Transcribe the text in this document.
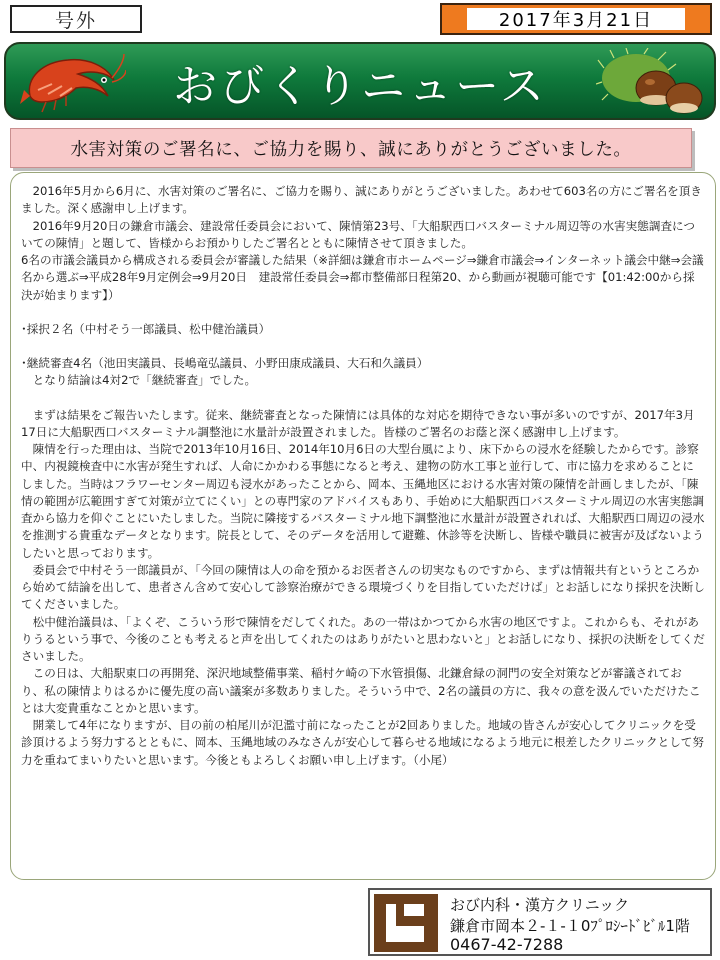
号外	2017年3月21日
おびくりニュース
水害対策のご署名に、ご協力を賜り、誠にありがとうございました。

　2016年5月から6月に、水害対策のご署名に、ご協力を賜り、誠にありがとうございました。あわせて603名の方にご署名を頂きました。深く感謝申し上げます。

　2016年9月20日の鎌倉市議会、建設常任委員会において、陳情第23号、「大船駅西口バスターミナル周辺等の水害実態調査についての陳情」と題して、皆様からお預かりしたご署名とともに陳情させて頂きました。

6名の市議会議員から構成される委員会が審議した結果（※詳細は鎌倉市ホームページ⇒鎌倉市議会⇒インターネット議会中継⇒会議名から選ぶ⇒平成28年9月定例会⇒9月20日　建設常任委員会⇒都市整備部日程第20、から動画が視聴可能です【01:42:00から採決が始まります】）

･採択２名（中村そう一郎議員、松中健治議員）

･継続審査4名（池田実議員、長嶋竜弘議員、小野田康成議員、大石和久議員）

　となり結論は4対2で「継続審査」でした。

　まずは結果をご報告いたします。従来、継続審査となった陳情には具体的な対応を期待できない事が多いのですが、2017年3月17日に大船駅西口バスターミナル調整池に水量計が設置されました。皆様のご署名のお蔭と深く感謝申し上げます。

　陳情を行った理由は、当院で2013年10月16日、2014年10月6日の大型台風により、床下からの浸水を経験したからです。診察中、内視鏡検査中に水害が発生すれば、人命にかかわる事態になると考え、建物の防水工事と並行して、市に協力を求めることにしました。当時はフラワーセンター周辺も浸水があったことから、岡本、玉縄地区における水害対策の陳情を計画しましたが、「陳情の範囲が広範囲すぎて対策が立てにくい」との専門家のアドバイスもあり、手始めに大船駅西口バスターミナル周辺の水害実態調査から協力を仰ぐことにいたしました。当院に隣接するバスターミナル地下調整池に水量計が設置されれば、大船駅西口周辺の浸水を推測する貴重なデータとなります。院長として、そのデータを活用して避難、休診等を決断し、皆様や職員に被害が及ばないようしたいと思っております。

　委員会で中村そう一郎議員が、「今回の陳情は人の命を預かるお医者さんの切実なものですから、まずは情報共有というところから始めて結論を出して、患者さん含めて安心して診察治療ができる環境づくりを目指していただけば」とお話しになり採択を決断してくださいました。

　松中健治議員は、「よくぞ、こういう形で陳情をだしてくれた。あの一帯はかつてから水害の地区ですよ。これからも、それがありうるという事で、今後のことも考えると声を出してくれたのはありがたいと思わないと」とお話しになり、採択の決断をしてくださいました。

　この日は、大船駅東口の再開発、深沢地域整備事業、稲村ケ崎の下水管損傷、北鎌倉緑の洞門の安全対策などが審議されており、私の陳情よりはるかに優先度の高い議案が多数ありました。そういう中で、2名の議員の方に、我々の意を汲んでいただけたことは大変貴重なことかと思います。

　開業して4年になりますが、目の前の柏尾川が氾濫寸前になったことが2回ありました。地域の皆さんが安心してクリニックを受診頂けるよう努力するとともに、岡本、玉縄地域のみなさんが安心して暮らせる地域になるよう地元に根差したクリニックとして努力を重ねてまいりたいと思います。今後ともよろしくお願い申し上げます。（小尾）

おび内科・漢方クリニック
鎌倉市岡本２-１-１0ﾌﾟﾛｼｰﾄﾞﾋﾞﾙ1階
0467-42-7288
